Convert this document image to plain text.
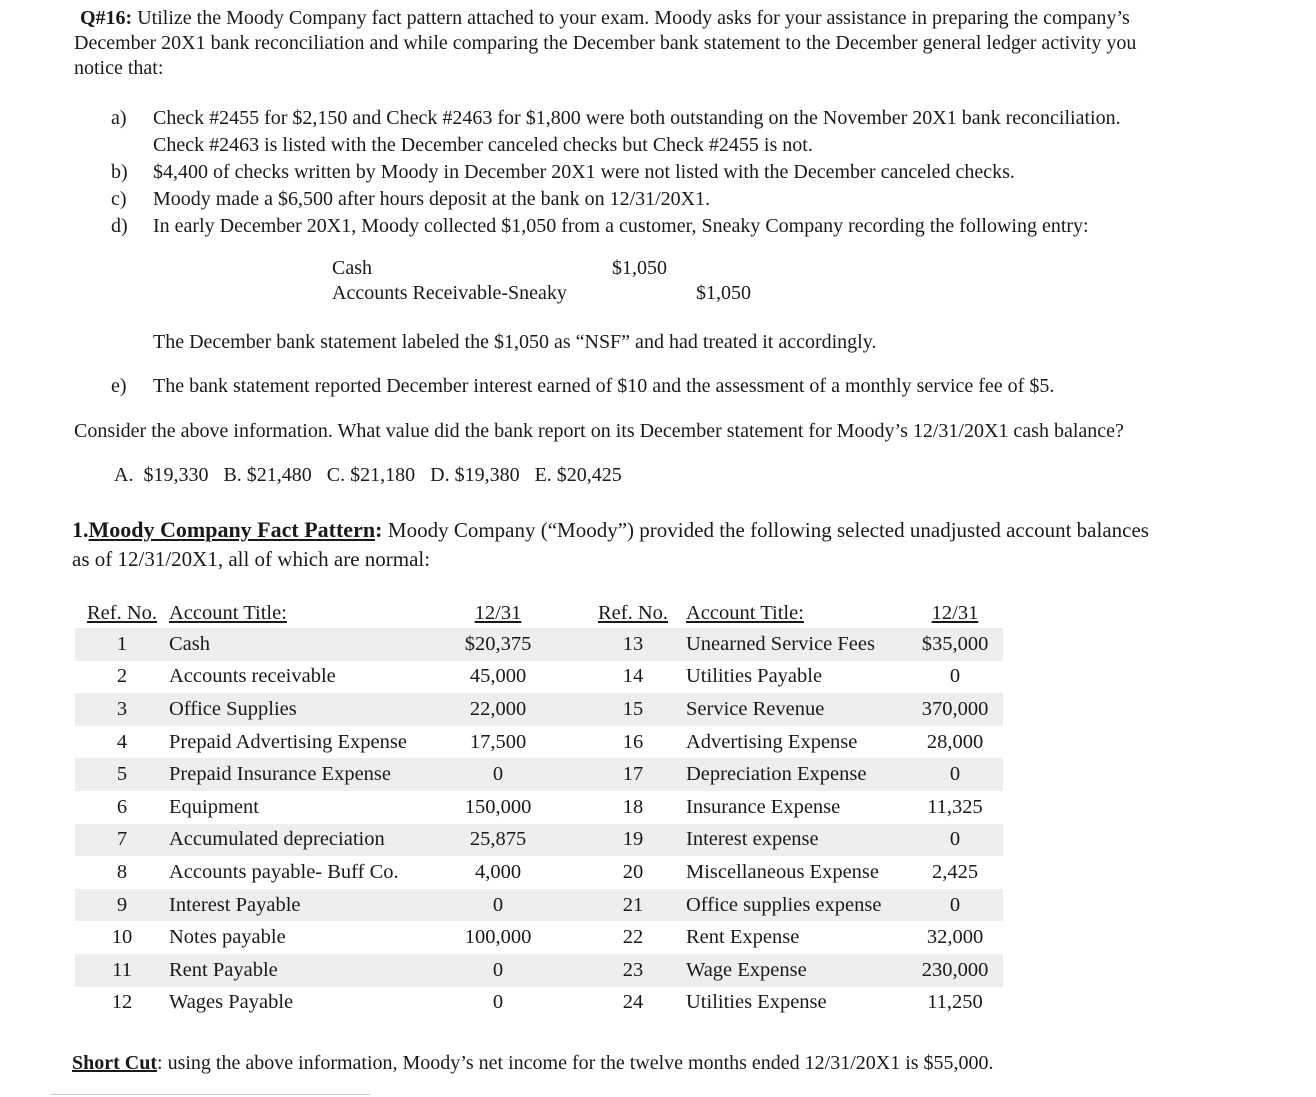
Q#16: Utilize the Moody Company fact pattern attached to your exam. Moody asks for your assistance in preparing the company’s
December 20X1 bank reconciliation and while comparing the December bank statement to the December general ledger activity you
notice that:
a) Check #2455 for $2,150 and Check #2463 for $1,800 were both outstanding on the November 20X1 bank reconciliation.
Check #2463 is listed with the December canceled checks but Check #2455 is not.
b) $4,400 of checks written by Moody in December 20X1 were not listed with the December canceled checks.
c) Moody made a $6,500 after hours deposit at the bank on 12/31/20X1.
d) In early December 20X1, Moody collected $1,050 from a customer, Sneaky Company recording the following entry:
Cash	$1,050
Accounts Receivable-Sneaky	$1,050
The December bank statement labeled the $1,050 as “NSF” and had treated it accordingly.
e) The bank statement reported December interest earned of $10 and the assessment of a monthly service fee of $5.
Consider the above information. What value did the bank report on its December statement for Moody’s 12/31/20X1 cash balance?
A.  $19,330   B. $21,480   C. $21,180   D. $19,380   E. $20,425
1.Moody Company Fact Pattern: Moody Company (“Moody”) provided the following selected unadjusted account balances
as of 12/31/20X1, all of which are normal:
Ref. No.	Account Title:	12/31		Ref. No.	Account Title:	12/31	
1	Cash	$20,375		13	Unearned Service Fees	$35,000	
2	Accounts receivable	45,000		14	Utilities Payable	0	
3	Office Supplies	22,000		15	Service Revenue	370,000	
4	Prepaid Advertising Expense	17,500		16	Advertising Expense	28,000	
5	Prepaid Insurance Expense	0		17	Depreciation Expense	0	
6	Equipment	150,000		18	Insurance Expense	11,325	
7	Accumulated depreciation	25,875		19	Interest expense	0	
8	Accounts payable- Buff Co.	4,000		20	Miscellaneous Expense	2,425	
9	Interest Payable	0		21	Office supplies expense	0	
10	Notes payable	100,000		22	Rent Expense	32,000	
11	Rent Payable	0		23	Wage Expense	230,000	
12	Wages Payable	0		24	Utilities Expense	11,250	
Short Cut: using the above information, Moody’s net income for the twelve months ended 12/31/20X1 is $55,000.
